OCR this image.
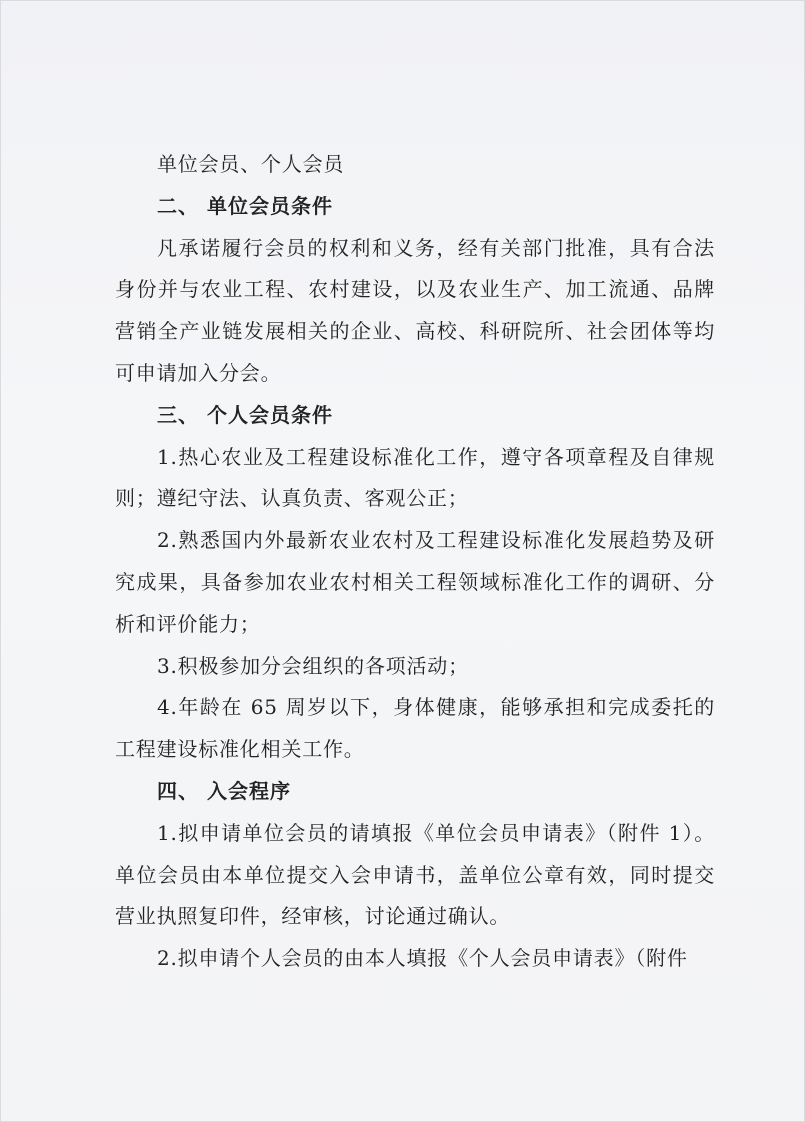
单位会员、个人会员

二、 单位会员条件

凡承诺履行会员的权利和义务，经有关部门批准，具有合法身份并与农业工程、农村建设，以及农业生产、加工流通、品牌营销全产业链发展相关的企业、高校、科研院所、社会团体等均可申请加入分会。

三、 个人会员条件

1.热心农业及工程建设标准化工作，遵守各项章程及自律规则；遵纪守法、认真负责、客观公正；

2.熟悉国内外最新农业农村及工程建设标准化发展趋势及研究成果，具备参加农业农村相关工程领域标准化工作的调研、分析和评价能力；

3.积极参加分会组织的各项活动；

4.年龄在 65 周岁以下，身体健康，能够承担和完成委托的工程建设标准化相关工作。

四、 入会程序

1.拟申请单位会员的请填报《单位会员申请表》（附件 1）。单位会员由本单位提交入会申请书，盖单位公章有效，同时提交营业执照复印件，经审核，讨论通过确认。

2.拟申请个人会员的由本人填报《个人会员申请表》（附件
